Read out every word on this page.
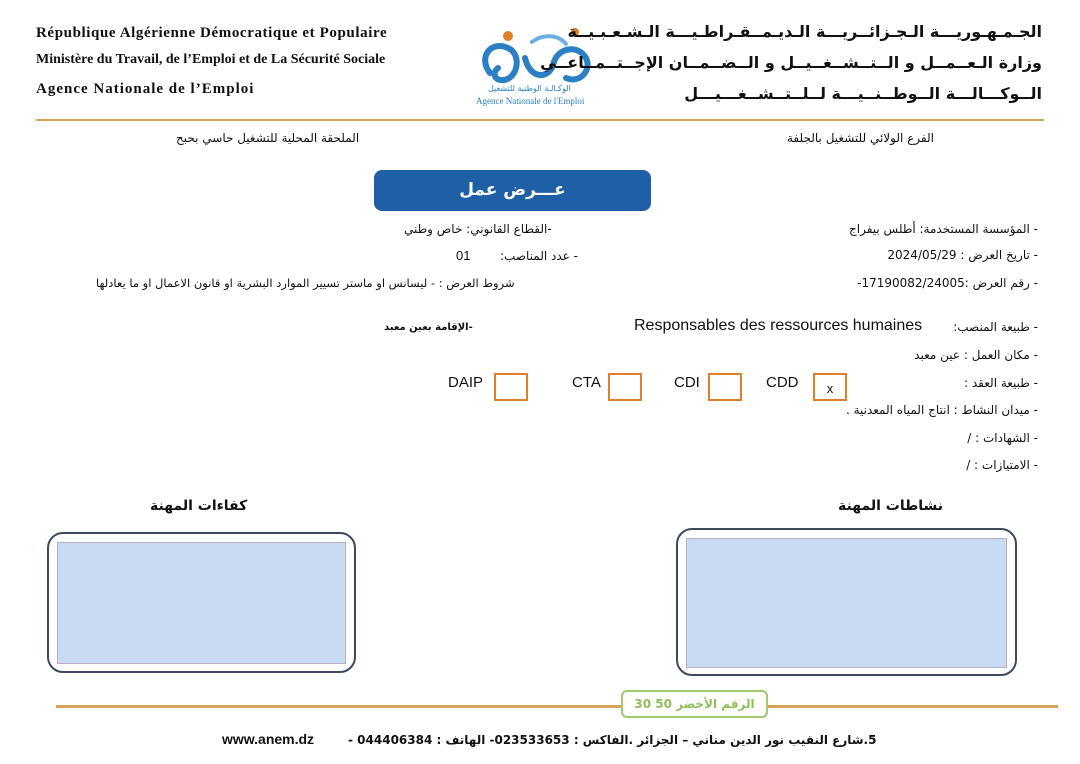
République Algérienne Démocratique et Populaire
Ministère du Travail, de l’Emploi et de La Sécurité Sociale
Agence Nationale de l’Emploi	الوكـالـة الوطنية للتشغيل
Agence Nationale de l'Emploi
الجـمـهـوريـــة الـجـزائــريـــة الـديـمــقـراطـيـــة الـشـعـبـيــة
وزارة الـعــمــل و الــتــشــغــيــل و الــضــمــان الإجــتــمــاعــي
الــوكـــالـــة الــوطــنــيـــة لــلــتــشــغـــيـــل
الفرع الولائي للتشغيل بالجلفة
الملحقة المحلية للتشغيل حاسي بحبح
عـــرض عمل
- المؤسسة المستخدمة: أطلس بيفراج
- تاريخ العرض : 2024/05/29
- رقم العرض :17190082/24005-
-القطاع القانوني: خاص وطني
- عدد المناصب:
01
شروط العرض : - ليسانس او ماستر تسيير الموارد البشرية او قانون الاعمال او ما يعادلها
- طبيعة المنصب:
Responsables des ressources humaines
-الإقامة بعين معبد
- مكان العمل : عين معبد
- طبيعة العقد :
CDD	x
CDI
CTA
DAIP
- ميدان النشاط : انتاج المياه المعدنية .
- الشهادات : /
- الامتيازات : /
نشاطات المهنة
كفاءات المهنة
الرقم الأخضر 50 30
5.شارع النقيب نور الدين مناني – الجزائر .الفاكس : 023533653- الهاتف : 044406384 -
www.anem.dz
